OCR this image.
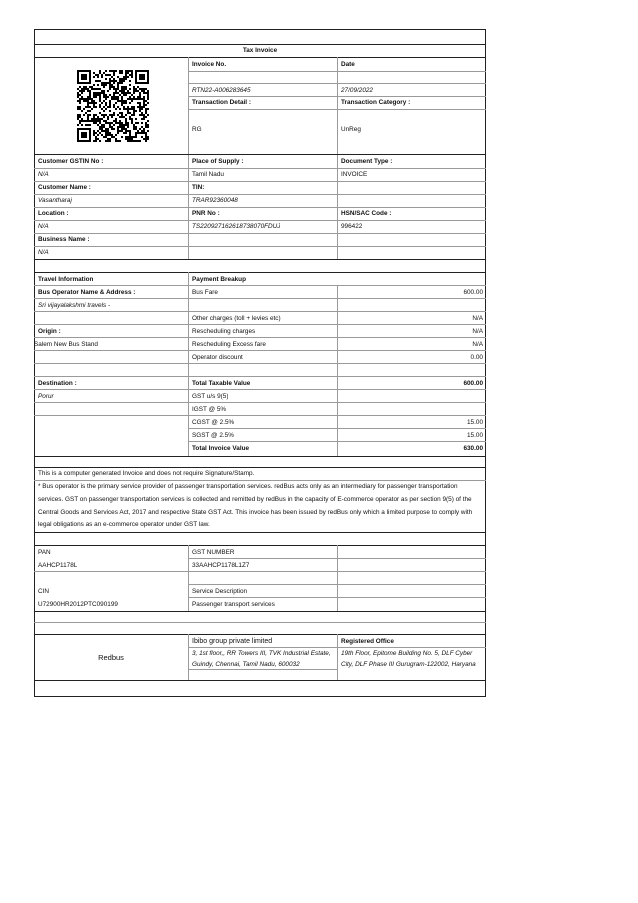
Tax Invoice
Invoice No.	Date
RTN22-A006283645	27/09/2022
Transaction Detail :	Transaction Category :
RG	UnReg
Customer GSTIN No :	Place of Supply :	Document Type :
N/A	Tamil Nadu	INVOICE
Customer Name :	TIN:
Vasantharaj	TRAR92360048
Location :	PNR No :	HSN/SAC Code :
N/A	TS220927162618738070FDUJ	996422
Business Name :
N/A
Travel Information	Payment Breakup
Bus Operator Name & Address :	Bus Fare	600.00
Sri vijayalakshmi travels -
Other charges (toll + levies etc)	N/A
Origin :	Rescheduling charges	N/A
Salem New Bus Stand	Rescheduling Excess fare	N/A
Operator discount	0.00
Destination :	Total Taxable Value	600.00
Porur	GST u/s 9(5)
IGST @ 5%
CGST @ 2.5%	15.00
SGST @ 2.5%	15.00
Total Invoice Value	630.00
This is a computer generated Invoice and does not require Signature/Stamp.
* Bus operator is the primary service provider of passenger transportation services. redBus acts only as an intermediary for passenger transportation services. GST on passenger transportation services is collected and remitted by redBus in the capacity of E-commerce operator as per section 9(5) of the Central Goods and Services Act, 2017 and respective State GST Act. This invoice has been issued by redBus only which a limited purpose to comply with legal obligations as an e-commerce operator under GST law.
PAN	GST NUMBER
AAHCP1178L	33AAHCP1178L1Z7
CIN	Service Description
U72900HR2012PTC090199	Passenger transport services
Redbus
Ibibo group private limited	Registered Office
3, 1st floor,, RR Towers III, TVK Industrial Estate, Guindy, Chennai, Tamil Nadu, 600032
19th Floor, Epitome Building No. 5, DLF Cyber City, DLF Phase III Gurugram-122002, Haryana
